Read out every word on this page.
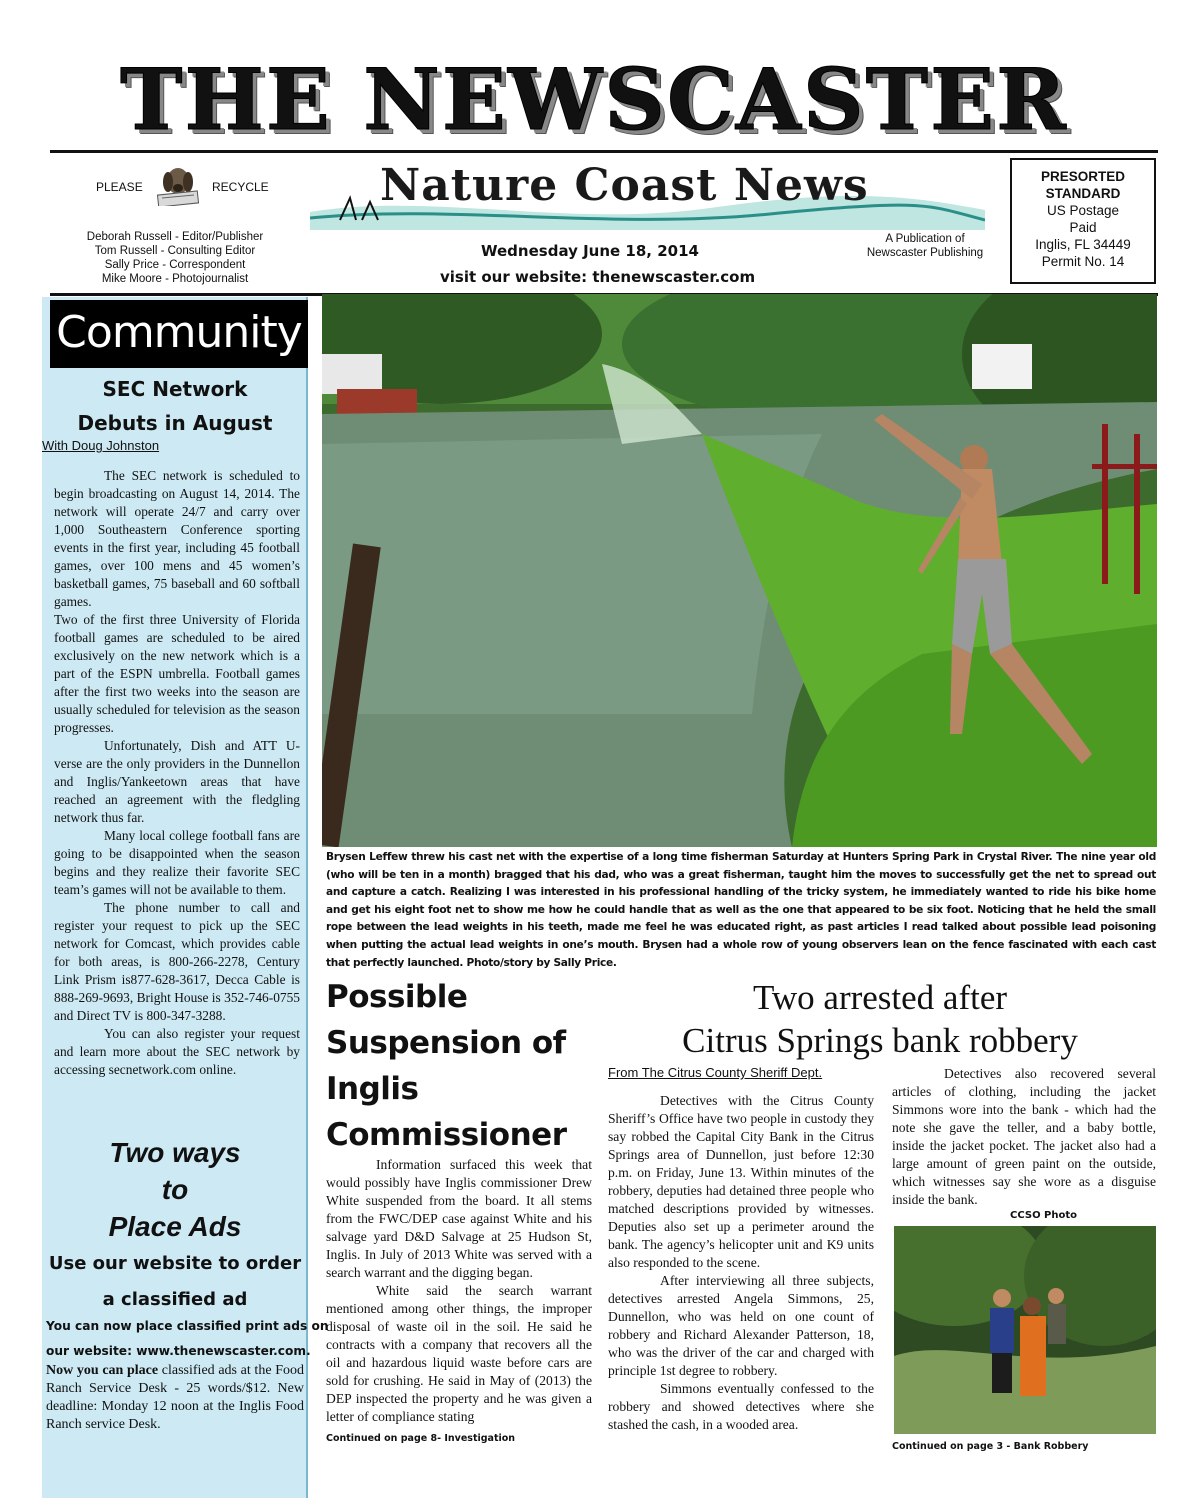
THE NEWSCASTER
PLEASE	RECYCLE
Deborah Russell - Editor/Publisher
Tom Russell - Consulting Editor
Sally Price - Correspondent
Mike Moore - Photojournalist
Nature Coast News
Wednesday June 18, 2014
visit our website: thenewscaster.com
A Publication of
Newscaster Publishing
PRESORTED
STANDARD
US Postage
Paid
Inglis, FL 34449
Permit No. 14
Community
SEC Network
Debuts in August
With Doug Johnston

The SEC network is scheduled to begin broadcasting on August 14, 2014. The network will operate 24/7 and carry over 1,000 Southeastern Conference sporting events in the first year, including 45 football games, over 100 mens and 45 women’s basketball games, 75 baseball and 60 softball games.

Two of the first three University of Florida football games are scheduled to be aired exclusively on the new network which is a part of the ESPN umbrella. Football games after the first two weeks into the season are usually scheduled for television as the season progresses.

Unfortunately, Dish and ATT U-verse are the only providers in the Dunnellon and Inglis/Yankeetown areas that have reached an agreement with the fledgling network thus far.

Many local college football fans are going to be disappointed when the season begins and they realize their favorite SEC team’s games will not be available to them.

The phone number to call and register your request to pick up the SEC network for Comcast, which provides cable for both areas, is 800-266-2278, Century Link Prism is877-628-3617, Decca Cable is 888-269-9693, Bright House is 352-746-0755 and Direct TV is 800-347-3288.

You can also register your request and learn more about the SEC network by accessing secnetwork.com online.

Two ways
to
Place Ads
Use our website to order
a classified ad
You can now place classified print ads on
our website: www.thenewscaster.com.
Now you can place classified ads at the Food Ranch Service Desk - 25 words/$12. New deadline: Monday 12 noon at the Inglis Food Ranch service Desk.
Brysen Leffew threw his cast net with the expertise of a long time fisherman Saturday at Hunters Spring Park in Crystal River. The nine year old (who will be ten in a month) bragged that his dad, who was a great fisherman, taught him the moves to successfully get the net to spread out and capture a catch. Realizing I was interested in his professional handling of the tricky system, he immediately wanted to ride his bike home and get his eight foot net to show me how he could handle that as well as the one that appeared to be six foot. Noticing that he held the small rope between the lead weights in his teeth, made me feel he was educated right, as past articles I read talked about possible lead poisoning when putting the actual lead weights in one’s mouth. Brysen had a whole row of young observers lean on the fence fascinated with each cast that perfectly launched. Photo/story by Sally Price.
Possible
Suspension of
Inglis
Commissioner

Information surfaced this week that would possibly have Inglis commissioner Drew White suspended from the board. It all stems from the FWC/DEP case against White and his salvage yard D&D Salvage at 25 Hudson St, Inglis. In July of 2013 White was served with a search warrant and the digging began.

White said the search warrant mentioned among other things, the improper disposal of waste oil in the soil. He said he contracts with a company that recovers all the oil and hazardous liquid waste before cars are sold for crushing. He said in May of (2013) the DEP inspected the property and he was given a letter of compliance stating

Continued on page 8- Investigation
Two arrested after
Citrus Springs bank robbery
From The Citrus County Sheriff Dept.

Detectives with the Citrus County Sheriff’s Office have two people in custody they say robbed the Capital City Bank in the Citrus Springs area of Dunnellon, just before 12:30 p.m. on Friday, June 13. Within minutes of the robbery, deputies had detained three people who matched descriptions provided by witnesses. Deputies also set up a perimeter around the bank. The agency’s helicopter unit and K9 units also responded to the scene.

After interviewing all three subjects, detectives arrested Angela Simmons, 25, Dunnellon, who was held on one count of robbery and Richard Alexander Patterson, 18, who was the driver of the car and charged with principle 1st degree to robbery.

Simmons eventually confessed to the robbery and showed detectives where she stashed the cash, in a wooded area.

Detectives also recovered several articles of clothing, including the jacket Simmons wore into the bank - which had the note she gave the teller, and a baby bottle, inside the jacket pocket. The jacket also had a large amount of green paint on the outside, which witnesses say she wore as a disguise inside the bank.

CCSO Photo
Continued on page 3 - Bank Robbery
